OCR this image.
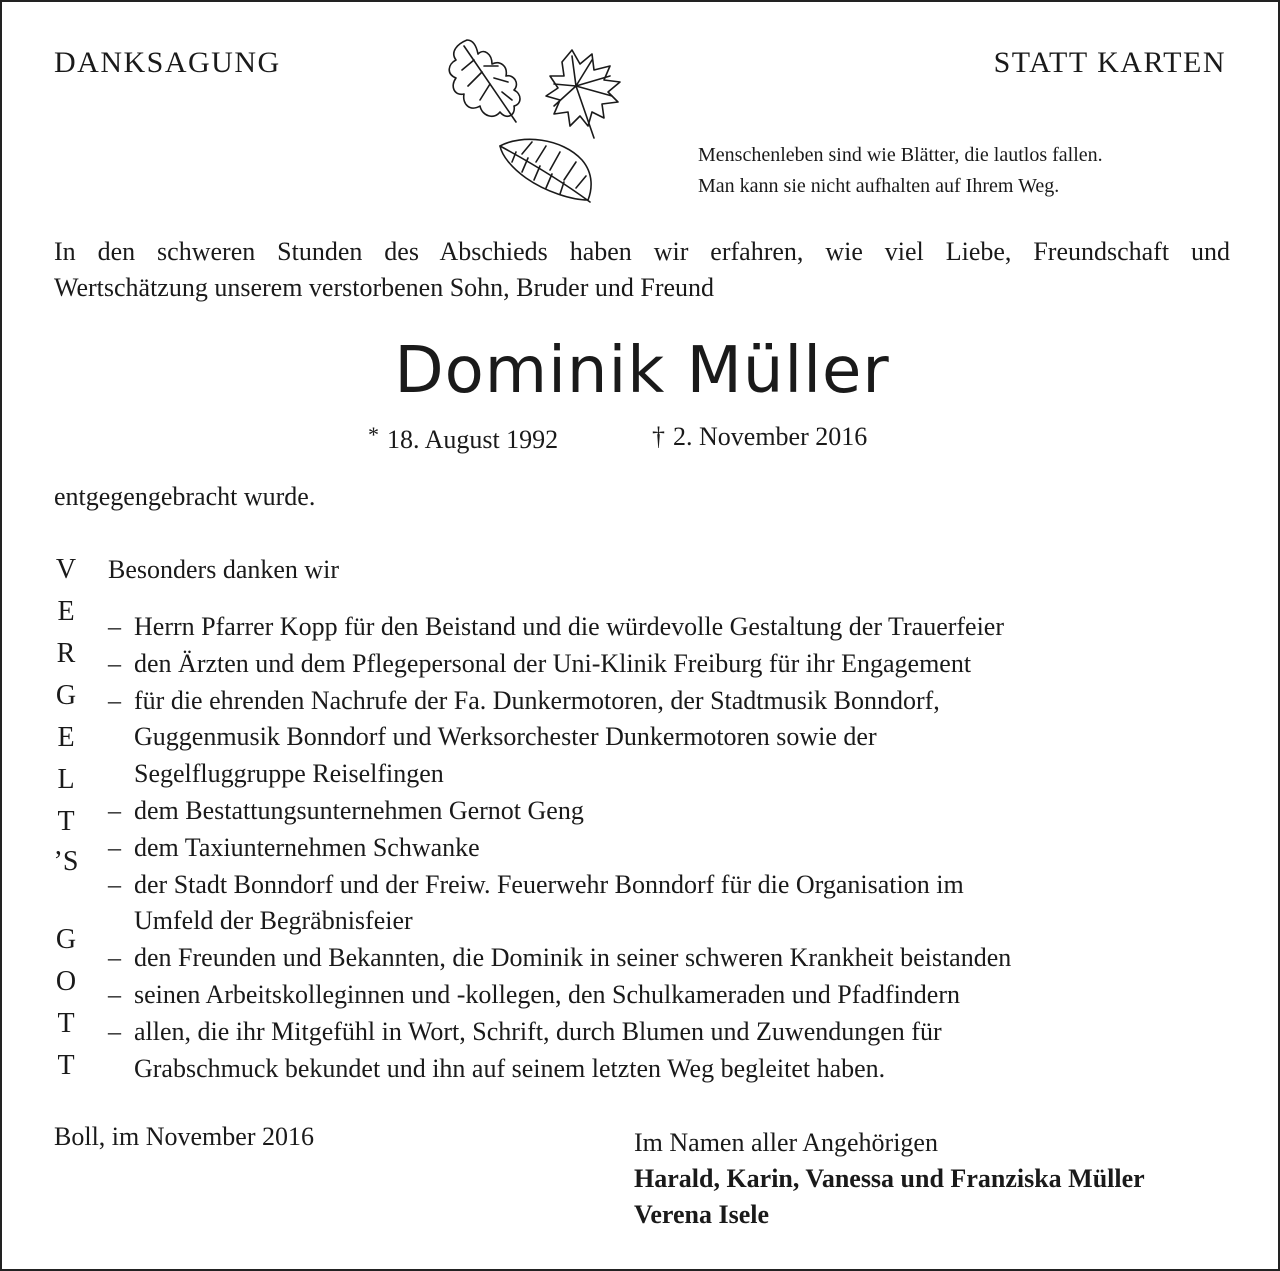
DANKSAGUNG	STATT KARTEN
Menschenleben sind wie Blätter, die lautlos fallen.
Man kann sie nicht aufhalten auf Ihrem Weg.
In den schweren Stunden des Abschieds haben wir erfahren, wie viel Liebe, Freundschaft und
Wertschätzung unserem verstorbenen Sohn, Bruder und Freund
Dominik Müller
* 18. August 1992	† 2. November 2016
entgegengebracht wurde.
V
E
R
G
E
L
T
’S
G
O
T
T
Besonders danken wir
– Herrn Pfarrer Kopp für den Beistand und die würdevolle Gestaltung der Trauerfeier
– den Ärzten und dem Pflegepersonal der Uni-Klinik Freiburg für ihr Engagement
– für die ehrenden Nachrufe der Fa. Dunkermotoren, der Stadtmusik Bonndorf,
Guggenmusik Bonndorf und Werksorchester Dunkermotoren sowie der
Segelfluggruppe Reiselfingen
– dem Bestattungsunternehmen Gernot Geng
– dem Taxiunternehmen Schwanke
– der Stadt Bonndorf und der Freiw. Feuerwehr Bonndorf für die Organisation im
Umfeld der Begräbnisfeier
– den Freunden und Bekannten, die Dominik in seiner schweren Krankheit beistanden
– seinen Arbeitskolleginnen und -kollegen, den Schulkameraden und Pfadfindern
– allen, die ihr Mitgefühl in Wort, Schrift, durch Blumen und Zuwendungen für
Grabschmuck bekundet und ihn auf seinem letzten Weg begleitet haben.
Boll, im November 2016	Im Namen aller Angehörigen
Harald, Karin, Vanessa und Franziska Müller
Verena Isele
